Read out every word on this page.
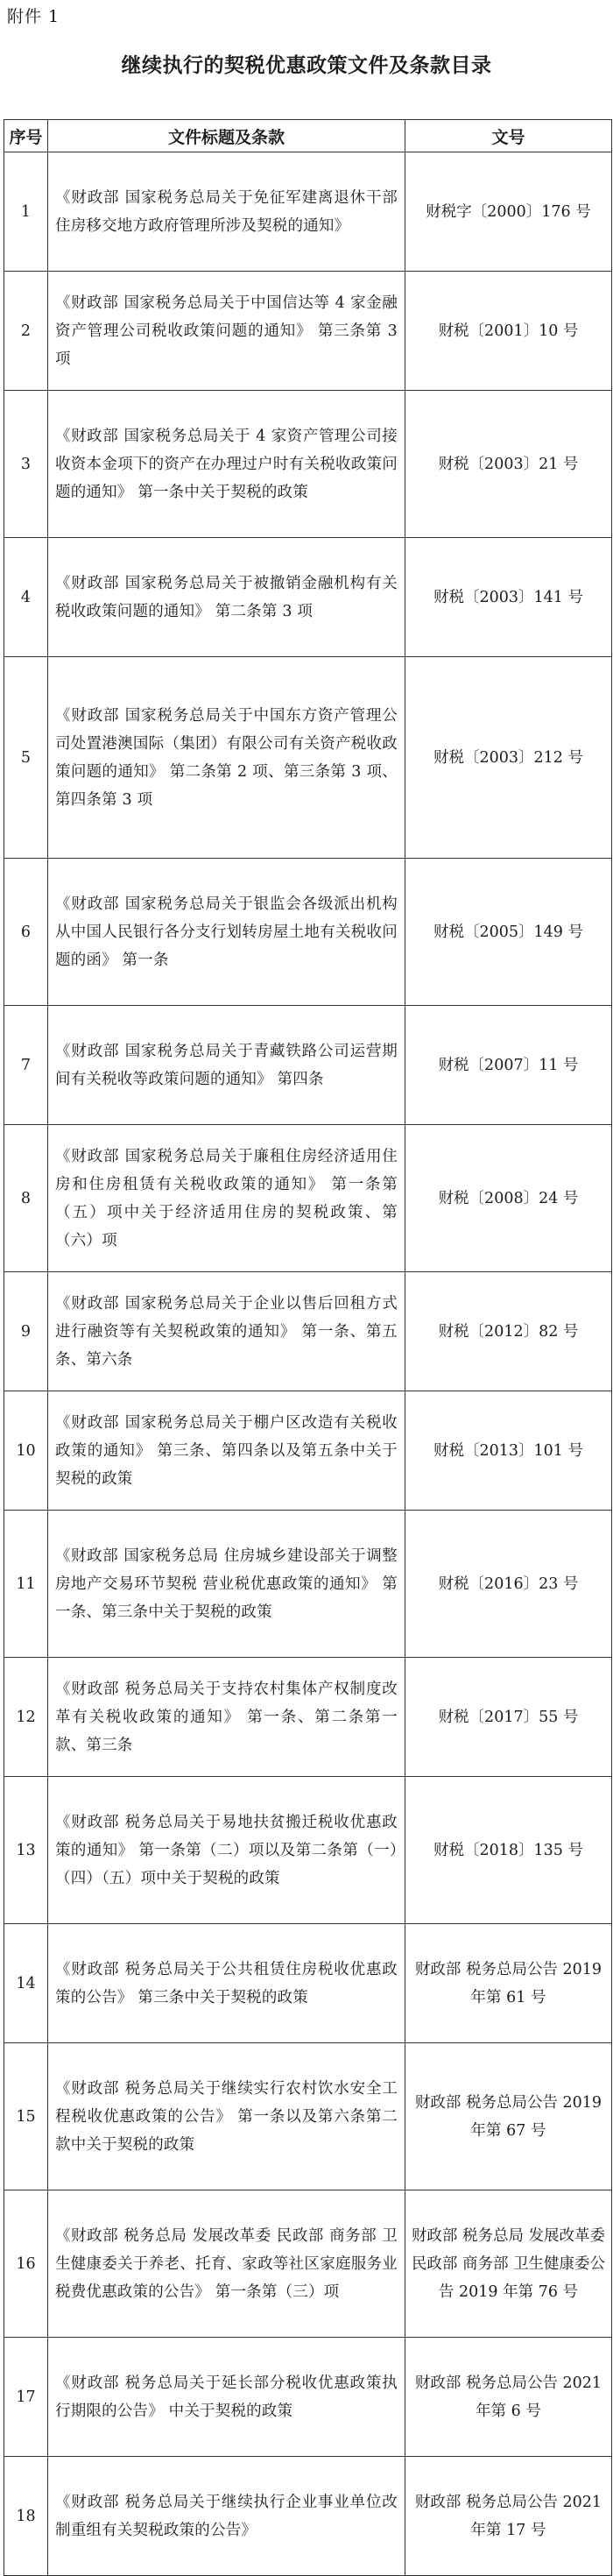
附件 1
继续执行的契税优惠政策文件及条款目录
序号	文件标题及条款	文号
1	《财政部 国家税务总局关于免征军建离退休干部住房移交地方政府管理所涉及契税的通知》	财税字〔2000〕176 号
2	《财政部 国家税务总局关于中国信达等 4 家金融资产管理公司税收政策问题的通知》 第三条第 3 项	财税〔2001〕10 号
3	《财政部 国家税务总局关于 4 家资产管理公司接收资本金项下的资产在办理过户时有关税收政策问题的通知》 第一条中关于契税的政策	财税〔2003〕21 号
4	《财政部 国家税务总局关于被撤销金融机构有关税收政策问题的通知》 第二条第 3 项	财税〔2003〕141 号
5	《财政部 国家税务总局关于中国东方资产管理公司处置港澳国际（集团）有限公司有关资产税收政策问题的通知》 第二条第 2 项、第三条第 3 项、第四条第 3 项	财税〔2003〕212 号
6	《财政部 国家税务总局关于银监会各级派出机构从中国人民银行各分支行划转房屋土地有关税收问题的函》 第一条	财税〔2005〕149 号
7	《财政部 国家税务总局关于青藏铁路公司运营期间有关税收等政策问题的通知》 第四条	财税〔2007〕11 号
8	《财政部 国家税务总局关于廉租住房经济适用住房和住房租赁有关税收政策的通知》 第一条第（五）项中关于经济适用住房的契税政策、第（六）项	财税〔2008〕24 号
9	《财政部 国家税务总局关于企业以售后回租方式进行融资等有关契税政策的通知》 第一条、第五条、第六条	财税〔2012〕82 号
10	《财政部 国家税务总局关于棚户区改造有关税收政策的通知》 第三条、第四条以及第五条中关于契税的政策	财税〔2013〕101 号
11	《财政部 国家税务总局 住房城乡建设部关于调整房地产交易环节契税 营业税优惠政策的通知》 第一条、第三条中关于契税的政策	财税〔2016〕23 号
12	《财政部 税务总局关于支持农村集体产权制度改革有关税收政策的通知》 第一条、第二条第一款、第三条	财税〔2017〕55 号
13	《财政部 税务总局关于易地扶贫搬迁税收优惠政策的通知》 第一条第（二）项以及第二条第（一）（四）（五）项中关于契税的政策	财税〔2018〕135 号
14	《财政部 税务总局关于公共租赁住房税收优惠政策的公告》 第三条中关于契税的政策	财政部 税务总局公告 2019 年第 61 号
15	《财政部 税务总局关于继续实行农村饮水安全工程税收优惠政策的公告》 第一条以及第六条第二款中关于契税的政策	财政部 税务总局公告 2019 年第 67 号
16	《财政部 税务总局 发展改革委 民政部 商务部 卫生健康委关于养老、托育、家政等社区家庭服务业税费优惠政策的公告》 第一条第（三）项	财政部 税务总局 发展改革委 民政部 商务部 卫生健康委公告 2019 年第 76 号
17	《财政部 税务总局关于延长部分税收优惠政策执行期限的公告》 中关于契税的政策	财政部 税务总局公告 2021 年第 6 号
18	《财政部 税务总局关于继续执行企业事业单位改制重组有关契税政策的公告》	财政部 税务总局公告 2021 年第 17 号
